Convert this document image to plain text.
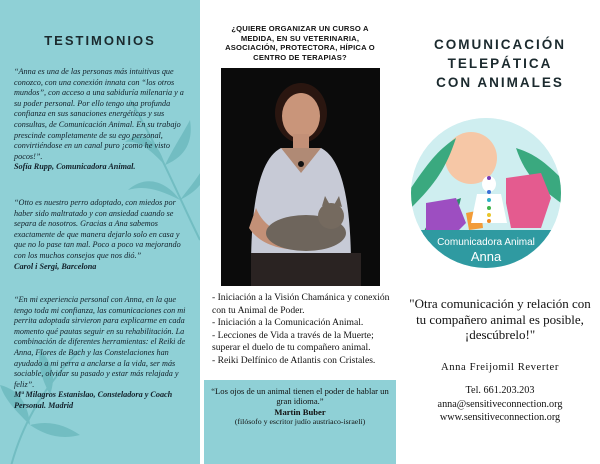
TESTIMONIOS
“Anna es una de las personas más intuitivas que conozco, con una conexión innata con “los otros mundos”, con acceso a una sabiduría milenaria y a su poder personal. Por ello tengo una profunda confianza en sus sanaciones energéticas y sus consultas, de Comunicación Animal. En su trabajo prescinde completamente de su ego personal, convirtiéndose en un canal puro ¡como he visto pocos!”.
Sofía Rupp, Comunicadora Animal.
“Otto es nuestro perro adoptado, con miedos por haber sido maltratado y con ansiedad cuando se separa de nosotros. Gracias a Ana sabemos exactamente de que manera dejarlo solo en casa y que no lo pase tan mal. Poco a poco va mejorando con los muchos consejos que nos dió.”
Carol i Sergi, Barcelona
“En mi experiencia personal con Anna, en la que tengo toda mi confianza, las comunicaciones con mi perrita adoptada sirvieron para explicarme en cada momento qué pautas seguir en su rehabilitación. La combinación de diferentes herramientas: el Reiki de Anna, Flores de Bach y las Constelaciones han ayudado a mi perra a anclarse a la vida, ser más sociable, olvidar su pasado y estar más relajada y feliz”.
Mª Milagros Estanislao, Consteladora y Coach Personal. Madrid
¿QUIERE ORGANIZAR UN CURSO A MEDIDA, EN SU VETERINARIA, ASOCIACIÓN, PROTECTORA, HÍPICA O CENTRO DE TERAPIAS?
- Iniciación a la Visión Chamánica y conexión con tu Animal de Poder.
- Iniciación a la Comunicación Animal.
- Lecciones de Vida a través de la Muerte; superar el duelo de tu compañero animal.
- Reiki Delfínico de Atlantis con Cristales.
“Los ojos de un animal tienen el poder de hablar un gran idioma.”
Martin Buber
(filósofo y escritor judío austriaco-israelí)
COMUNICACIÓN
TELEPÁTICA
CON ANIMALES
Comunicadora Animal
Anna
"Otra comunicación y relación con tu compañero animal es posible, ¡descúbrelo!"
Anna Freijomil Reverter
Tel. 661.203.203
anna@sensitiveconnection.org
www.sensitiveconnection.org
